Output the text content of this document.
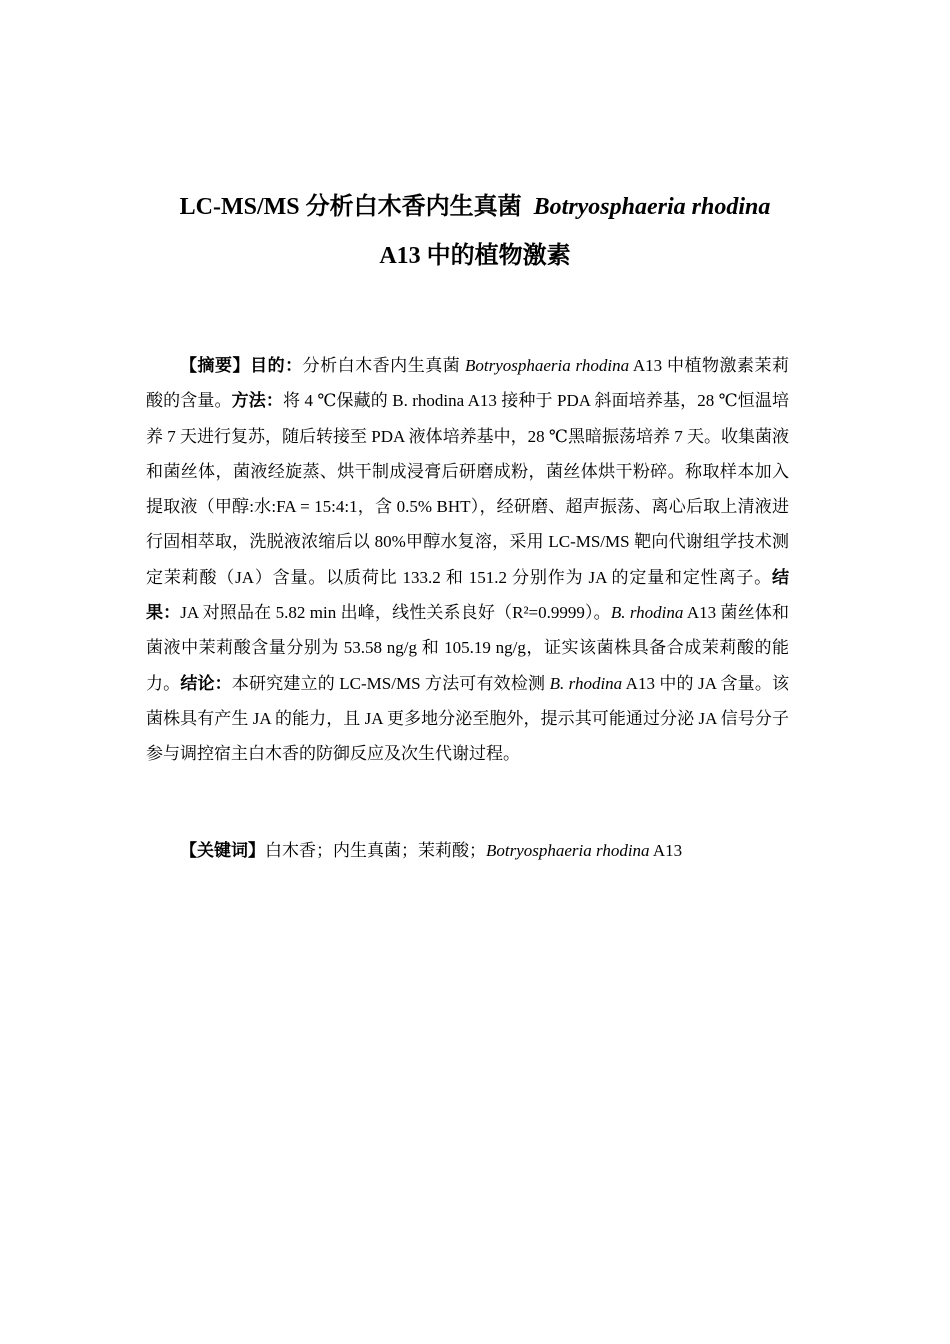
LC-MS/MS 分析白木香内生真菌 Botryosphaeria rhodina
A13 中的植物激素
【摘要】目的：分析白木香内生真菌 Botryosphaeria rhodina A13 中植物激素茉莉酸的含量。方法：将 4 ℃保藏的 B. rhodina A13 接种于 PDA 斜面培养基，28 ℃恒温培养 7 天进行复苏，随后转接至 PDA 液体培养基中，28 ℃黑暗振荡培养 7 天。收集菌液和菌丝体，菌液经旋蒸、烘干制成浸膏后研磨成粉，菌丝体烘干粉碎。称取样本加入提取液（甲醇:水:FA = 15:4:1，含 0.5% BHT），经研磨、超声振荡、离心后取上清液进行固相萃取，洗脱液浓缩后以 80%甲醇水复溶，采用 LC-MS/MS 靶向代谢组学技术测定茉莉酸（JA）含量。以质荷比 133.2 和 151.2 分别作为 JA 的定量和定性离子。结果：JA 对照品在 5.82 min 出峰，线性关系良好（R²=0.9999）。B. rhodina A13 菌丝体和菌液中茉莉酸含量分别为 53.58 ng/g 和 105.19 ng/g，证实该菌株具备合成茉莉酸的能力。结论：本研究建立的 LC-MS/MS 方法可有效检测 B. rhodina A13 中的 JA 含量。该菌株具有产生 JA 的能力，且 JA 更多地分泌至胞外，提示其可能通过分泌 JA 信号分子参与调控宿主白木香的防御反应及次生代谢过程。
【关键词】白木香；内生真菌；茉莉酸；Botryosphaeria rhodina A13
